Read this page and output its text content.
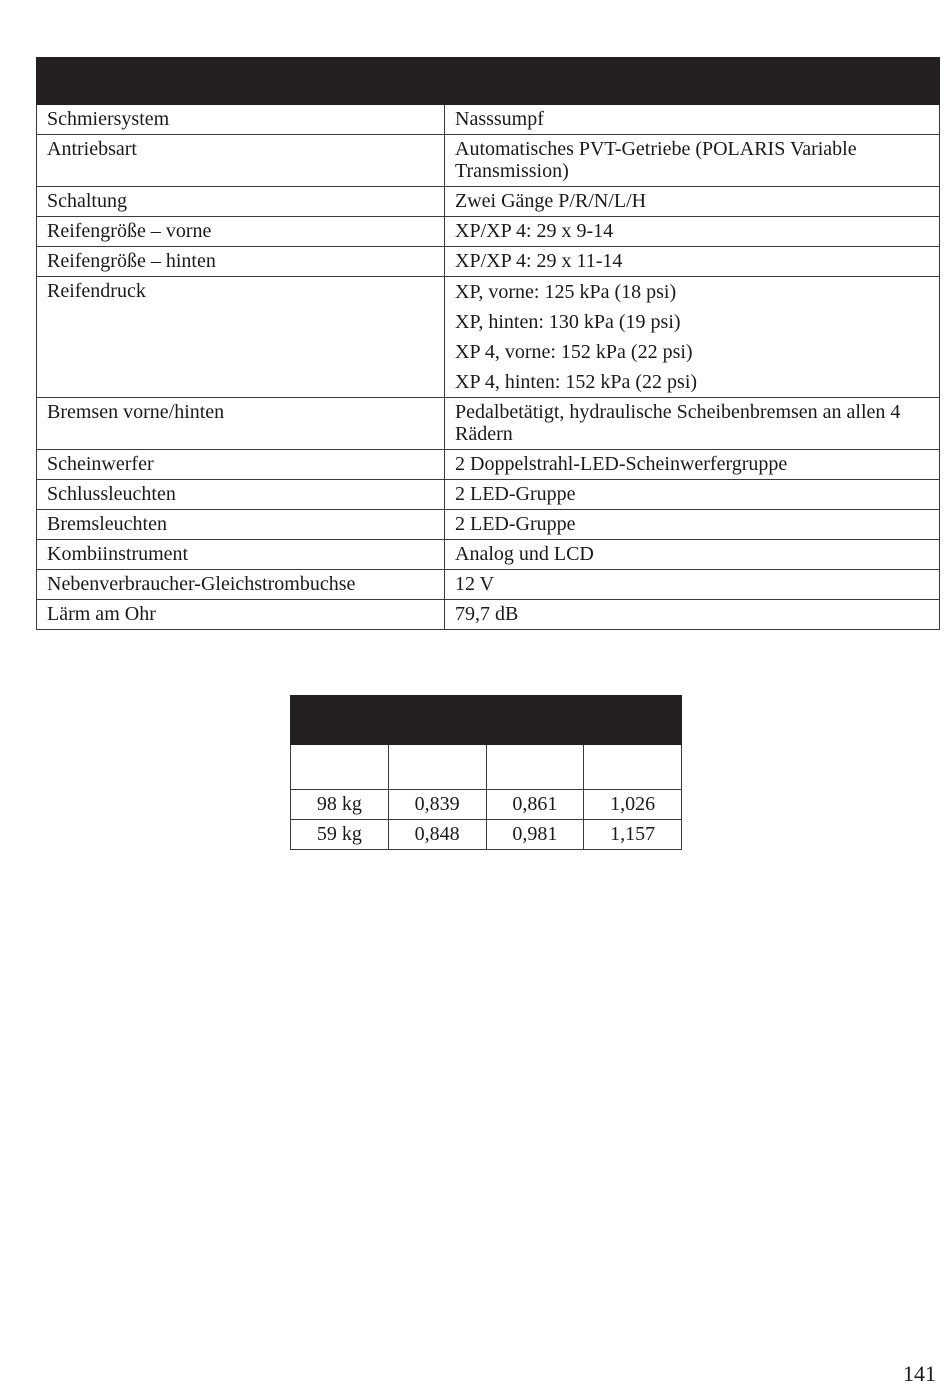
Schmiersystem	Nasssumpf
Antriebsart	Automatisches PVT-Getriebe (POLARIS Variable Transmission)
Schaltung	Zwei Gänge P/R/N/L/H
Reifengröße – vorne	XP/XP 4: 29 x 9-14
Reifengröße – hinten	XP/XP 4: 29 x 11-14
Reifendruck	XP, vorne: 125 kPa (18 psi)
XP, hinten: 130 kPa (19 psi)
XP 4, vorne: 152 kPa (22 psi)
XP 4, hinten: 152 kPa (22 psi)

Bremsen vorne/hinten	Pedalbetätigt, hydraulische Scheibenbremsen an allen 4 Rädern
Scheinwerfer	2 Doppelstrahl-LED-Scheinwerfergruppe
Schlussleuchten	2 LED-Gruppe
Bremsleuchten	2 LED-Gruppe
Kombiinstrument	Analog und LCD
Nebenverbraucher-Gleichstrombuchse	12 V
Lärm am Ohr	79,7 dB

98 kg	0,839	0,861	1,026
59 kg	0,848	0,981	1,157
141
